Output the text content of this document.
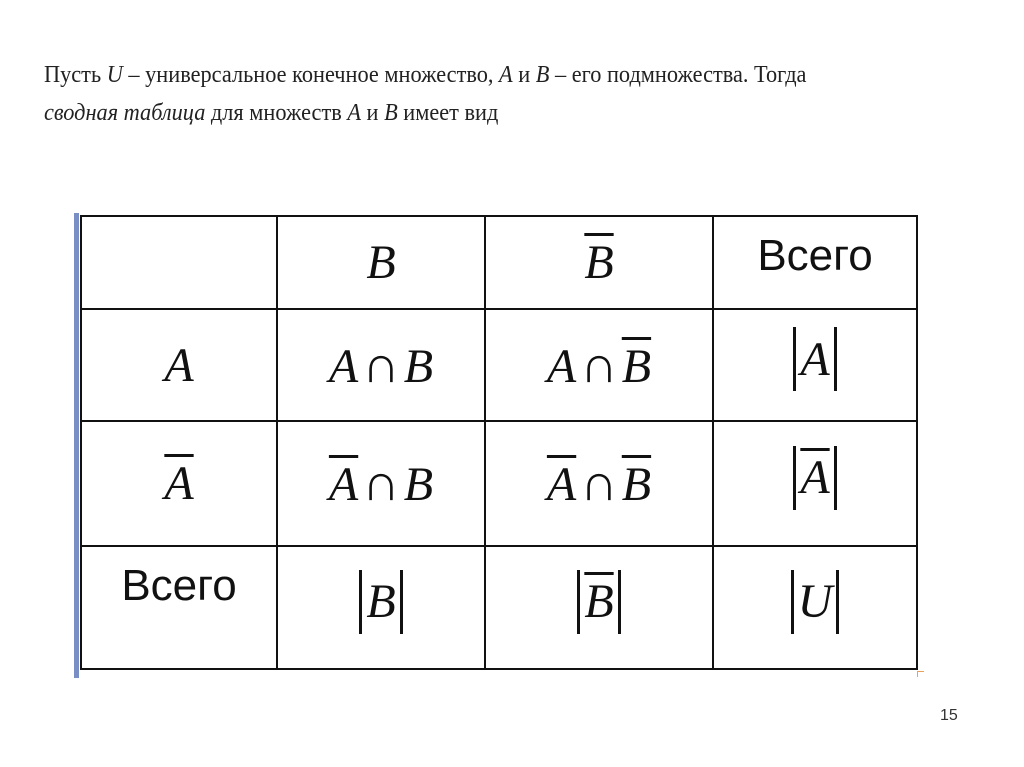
Пусть U – универсальное конечное множество, A и B – его подмножества. Тогда
сводная таблица для множеств A и B имеет вид
	B	$\overline{B}$	Всего
A	A∩B	$A\cap\overline{B}$	A

$\overline{A}$	$\overline{A}\cap B$	$\overline{A}\cap\overline{B}$	$\overline{A}$

Всего	B	$\overline{B}$	U
15
